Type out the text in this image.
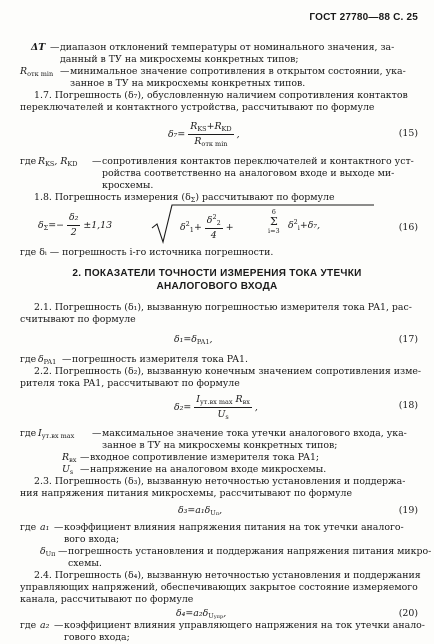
ГОСТ 27780—88 С. 25
ΔT — диапазон отклонений температуры от номинального значения, за-
данный в ТУ на микросхемы конкретных типов;
$R_{отк min}$ — минимальное значение сопротивления в открытом состоянии, ука-
занное в ТУ на микросхемы конкретных типов.
1.7. Погрешность (δ₇), обусловленную наличием сопротивления контактов
переключателей и контактного устройства, рассчитывают по формуле
$\delta_7= \frac{R_{KS}+R_{KD}}{R_{отк min}}$ ,	(15)
где $R_{KS}$, $R_{KD}$ — сопротивления контактов переключателей и контактного уст-
ройства соответственно на аналоговом входе и выходе ми-
кросхемы.
1.8. Погрешность измерения $(\delta_\Sigma)$ рассчитывают по формуле
$\delta_\Sigma=- \frac{\text{δ₂}}{2} \pm 1,13$	$\delta^2_1+ \frac{\delta^2_2}{4}$ +
6
Σ
i=3
$\delta^2_i+\delta_7$,	(16)
где δᵢ — погрешность i-го источника погрешности.
2. ПОКАЗАТЕЛИ ТОЧНОСТИ ИЗМЕРЕНИЯ ТОКА УТЕЧКИ
АНАЛОГОВОГО ВХОДА
2.1. Погрешность (δ₁), вызванную погрешностью измерителя тока PA1, рас-
считывают по формуле
$\delta_1=\delta_{PA1}$,	(17)
где $\delta_{PA1}$ — погрешность измерителя тока PA1.
2.2. Погрешность (δ₂), вызванную конечным значением сопротивления изме-
рителя тока PA1, рассчитывают по формуле
$\delta_2= \frac{I_{ут.вх max} R_{вх}}{U_s}$ ,	(18)
где $I_{ут.вх max}$ — максимальное значение тока утечки аналогового входа, ука-
занное в ТУ на микросхемы конкретных типов;
$R_{вх}$ — входное сопротивление измерителя тока PA1;
$U_s$ — напряжение на аналоговом входе микросхемы.
2.3. Погрешность (δ₃), вызванную неточностью установления и поддержа-
ния напряжения питания микросхемы, рассчитывают по формуле
$\delta_3=a_1\delta_{Uп}$,	(19)
где a₁ — коэффициент влияния напряжения питания на ток утечки аналого-
вого входа;
$\delta_{Uп}$ — погрешность установления и поддержания напряжения питания микро-
схемы.
2.4. Погрешность (δ₄), вызванную неточностью установления и поддержания
управляющих напряжений, обеспечивающих закрытое состояние измеряемого
канала, рассчитывают по формуле
$\delta_4=a_2\delta_{Uупр}$,	(20)
где a₂ — коэффициент влияния управляющего напряжения на ток утечки анало-
гового входа;
